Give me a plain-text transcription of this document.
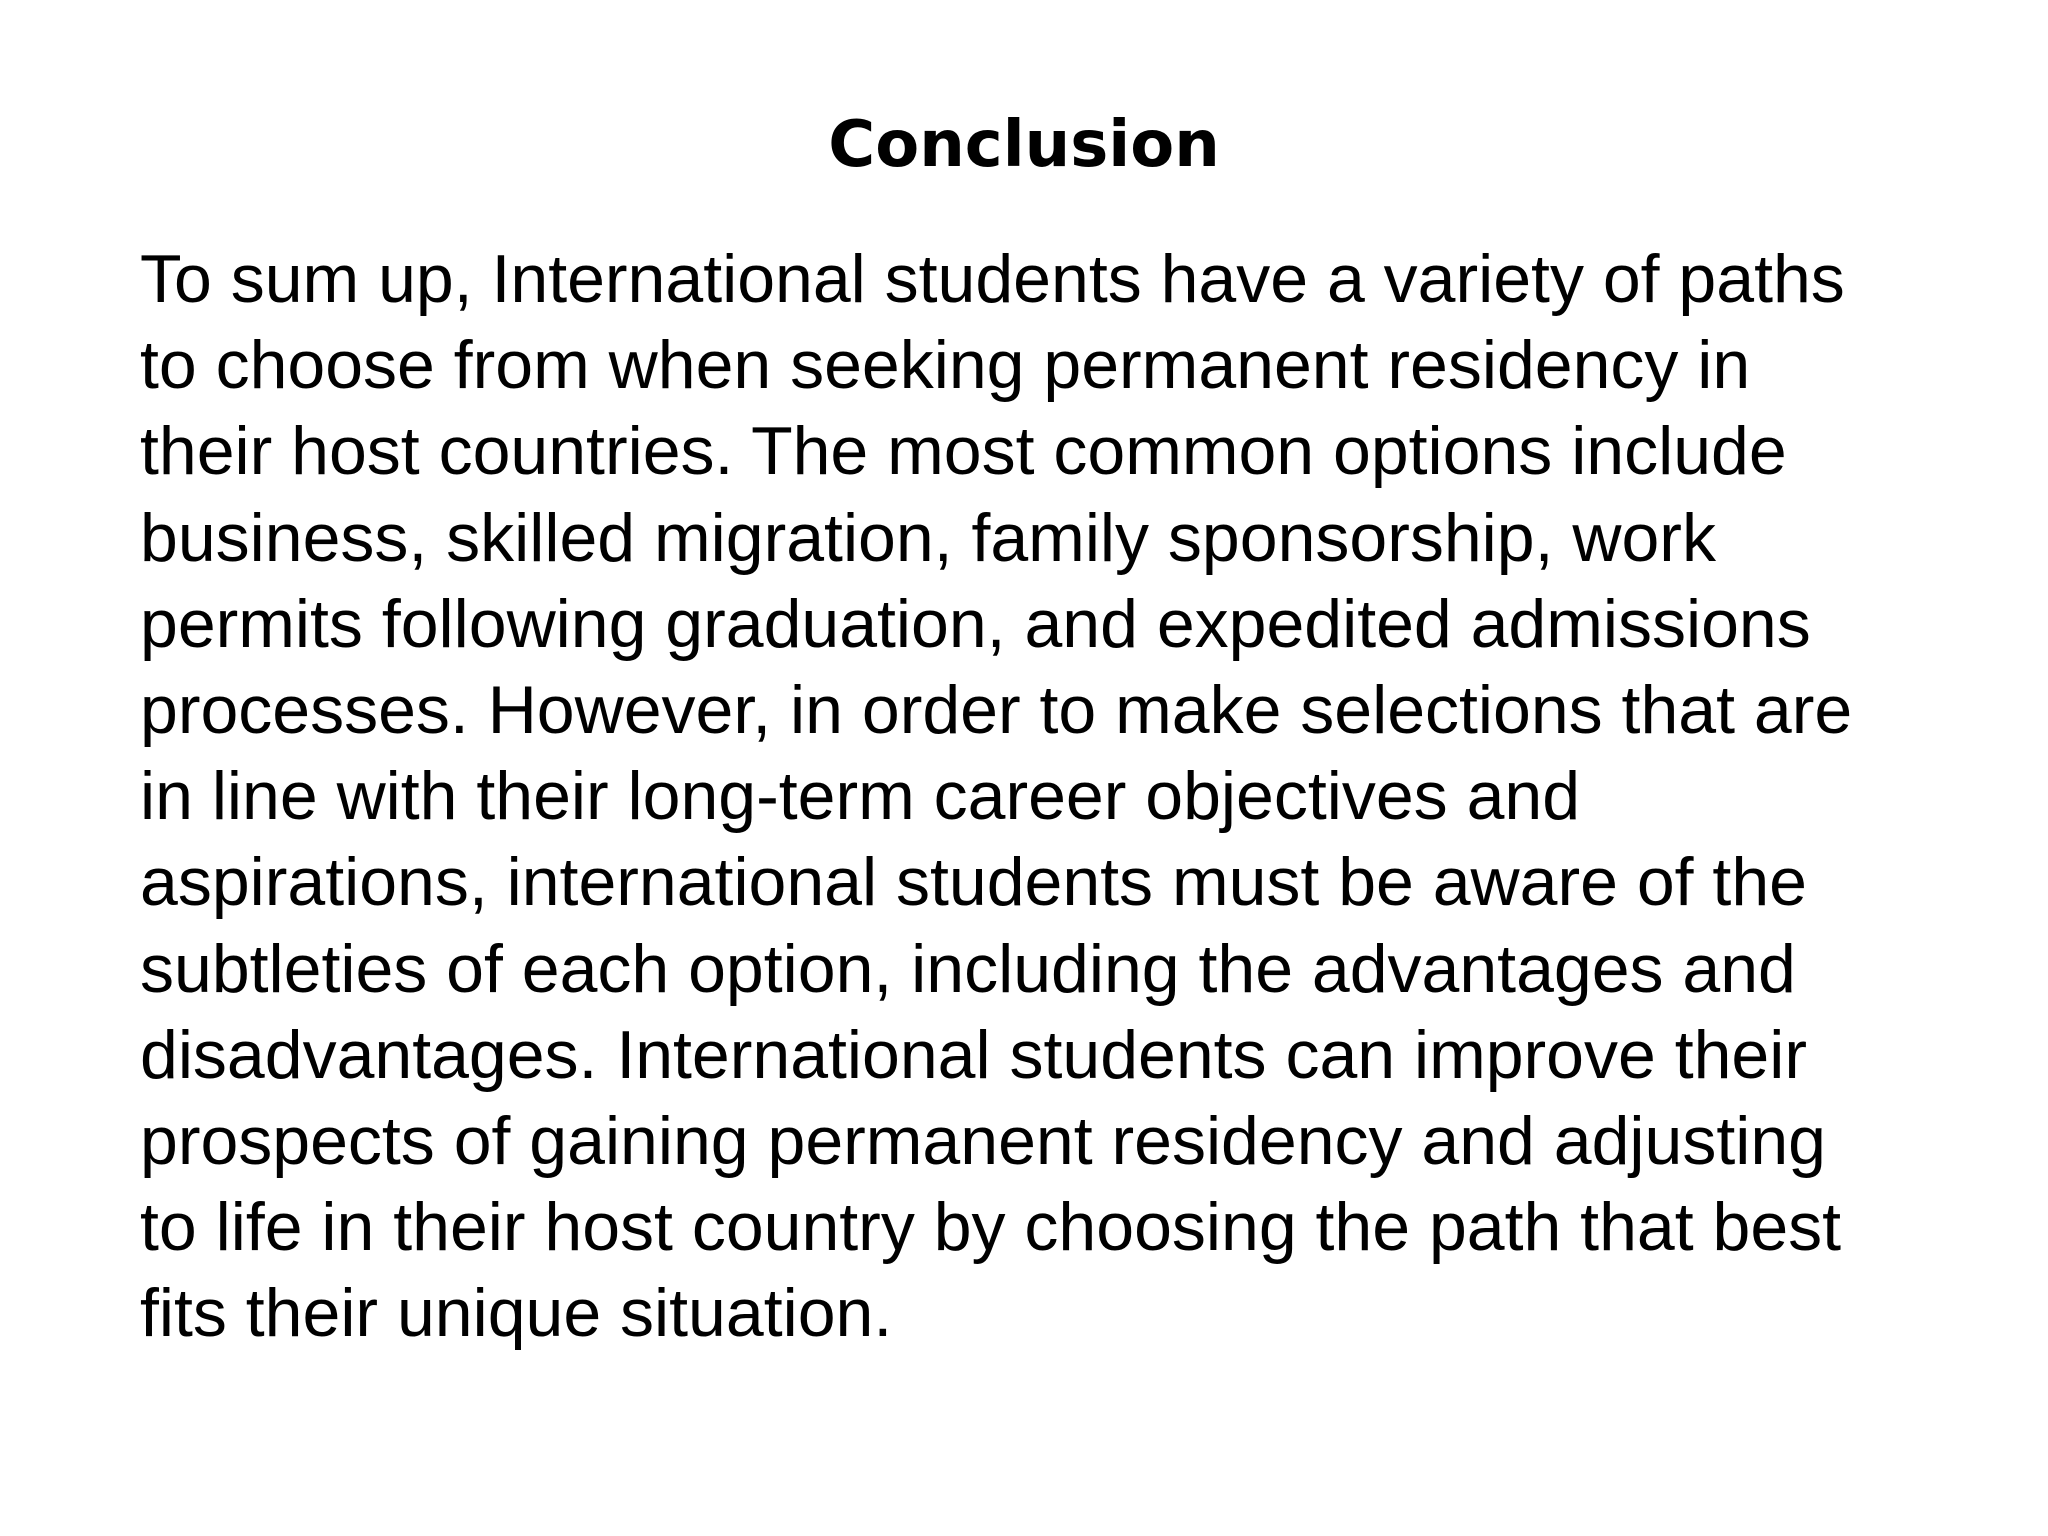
Conclusion

To sum up, International students have a variety of paths
to choose from when seeking permanent residency in
their host countries. The most common options include
business, skilled migration, family sponsorship, work
permits following graduation, and expedited admissions
processes. However, in order to make selections that are
in line with their long-term career objectives and
aspirations, international students must be aware of the
subtleties of each option, including the advantages and
disadvantages. International students can improve their
prospects of gaining permanent residency and adjusting
to life in their host country by choosing the path that best
fits their unique situation.
